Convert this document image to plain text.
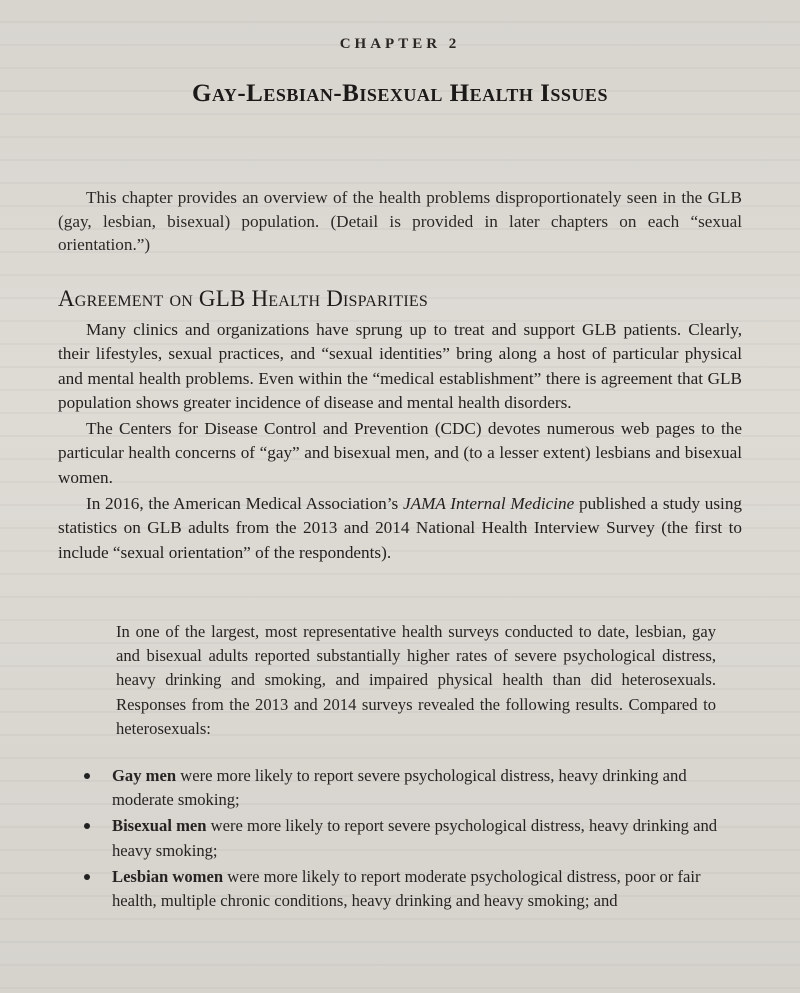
CHAPTER 2
Gay-Lesbian-Bisexual Health Issues

This chapter provides an overview of the health problems disproportionately seen in the GLB (gay, lesbian, bisexual) population. (Detail is provided in later chapters on each “sexual orientation.”)

Agreement on GLB Health Disparities

Many clinics and organizations have sprung up to treat and support GLB patients. Clearly, their lifestyles, sexual practices, and “sexual identities” bring along a host of particular physical and mental health problems. Even within the “medical establishment” there is agreement that GLB population shows greater incidence of disease and mental health disorders.

The Centers for Disease Control and Prevention (CDC) devotes numerous web pages to the particular health concerns of “gay” and bisexual men, and (to a lesser extent) lesbians and bisexual women.

In 2016, the American Medical Association’s JAMA Internal Medicine published a study using statistics on GLB adults from the 2013 and 2014 National Health Interview Survey (the first to include “sexual orientation” of the respondents).

In one of the largest, most representative health surveys conducted to date, lesbian, gay and bisexual adults reported substantially higher rates of severe psychological distress, heavy drinking and smoking, and impaired physical health than did heterosexuals. Responses from the 2013 and 2014 surveys revealed the following results. Compared to heterosexuals:

Gay men were more likely to report severe psychological distress, heavy drinking and moderate smoking;
Bisexual men were more likely to report severe psychological distress, heavy drinking and heavy smoking;
Lesbian women were more likely to report moderate psychological distress, poor or fair health, multiple chronic conditions, heavy drinking and heavy smoking; and
